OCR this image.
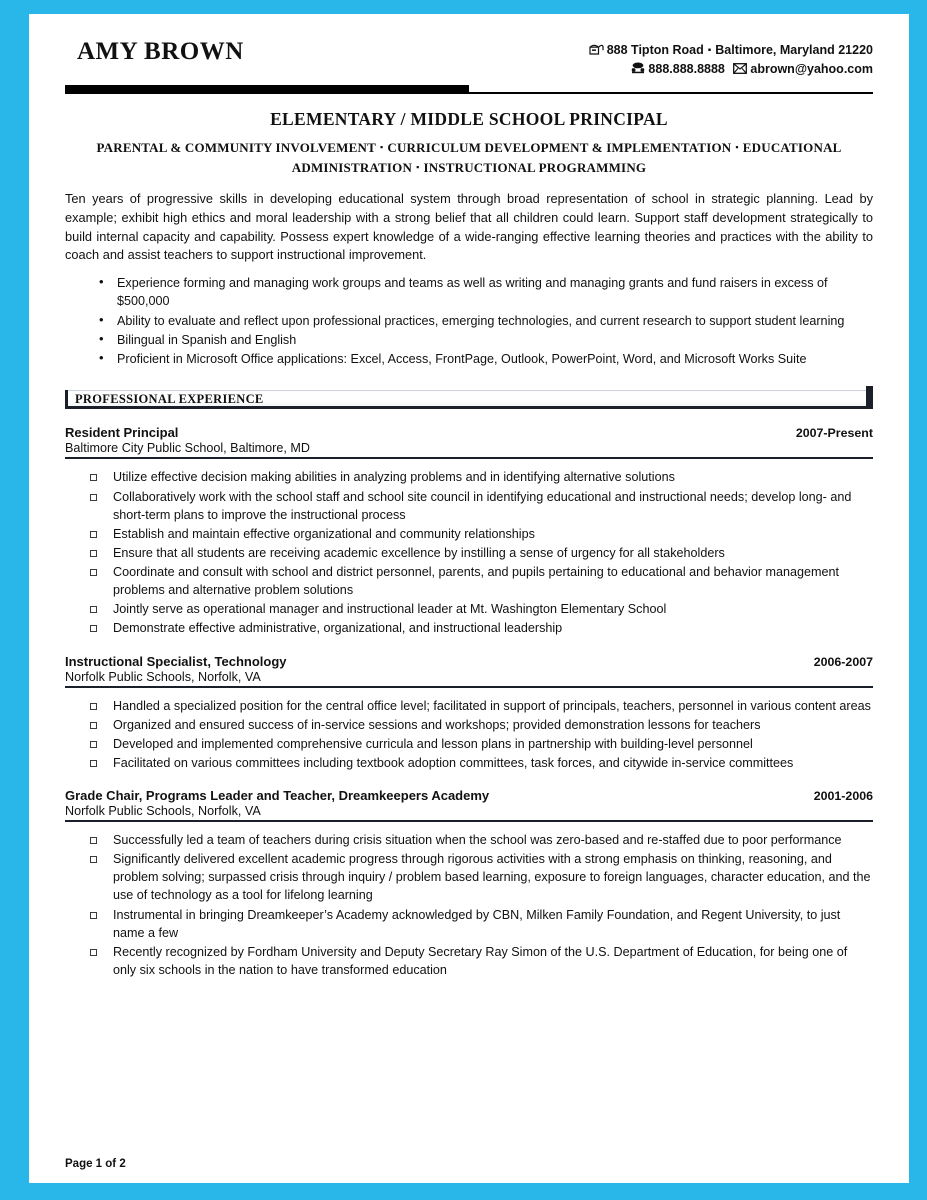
AMY BROWN	888 Tipton Road ▪ Baltimore, Maryland 21220
888.888.8888 abrown@yahoo.com
ELEMENTARY / MIDDLE SCHOOL PRINCIPAL
PARENTAL & COMMUNITY INVOLVEMENT ▪ CURRICULUM DEVELOPMENT & IMPLEMENTATION ▪ EDUCATIONAL ADMINISTRATION ▪ INSTRUCTIONAL PROGRAMMING
Ten years of progressive skills in developing educational system through broad representation of school in strategic planning. Lead by example; exhibit high ethics and moral leadership with a strong belief that all children could learn. Support staff development strategically to build internal capacity and capability. Possess expert knowledge of a wide-ranging effective learning theories and practices with the ability to coach and assist teachers to support instructional improvement.
• Experience forming and managing work groups and teams as well as writing and managing grants and fund raisers in excess of $500,000
• Ability to evaluate and reflect upon professional practices, emerging technologies, and current research to support student learning
• Bilingual in Spanish and English
• Proficient in Microsoft Office applications: Excel, Access, FrontPage, Outlook, PowerPoint, Word, and Microsoft Works Suite
PROFESSIONAL EXPERIENCE
Resident Principal	2007-Present
Baltimore City Public School, Baltimore, MD
Utilize effective decision making abilities in analyzing problems and in identifying alternative solutions
Collaboratively work with the school staff and school site council in identifying educational and instructional needs; develop long- and short-term plans to improve the instructional process
Establish and maintain effective organizational and community relationships
Ensure that all students are receiving academic excellence by instilling a sense of urgency for all stakeholders
Coordinate and consult with school and district personnel, parents, and pupils pertaining to educational and behavior management problems and alternative problem solutions
Jointly serve as operational manager and instructional leader at Mt. Washington Elementary School
Demonstrate effective administrative, organizational, and instructional leadership
Instructional Specialist, Technology	2006-2007
Norfolk Public Schools, Norfolk, VA
Handled a specialized position for the central office level; facilitated in support of principals, teachers, personnel in various content areas
Organized and ensured success of in-service sessions and workshops; provided demonstration lessons for teachers
Developed and implemented comprehensive curricula and lesson plans in partnership with building-level personnel
Facilitated on various committees including textbook adoption committees, task forces, and citywide in-service committees
Grade Chair, Programs Leader and Teacher, Dreamkeepers Academy	2001-2006
Norfolk Public Schools, Norfolk, VA
Successfully led a team of teachers during crisis situation when the school was zero-based and re-staffed due to poor performance
Significantly delivered excellent academic progress through rigorous activities with a strong emphasis on thinking, reasoning, and problem solving; surpassed crisis through inquiry / problem based learning, exposure to foreign languages, character education, and the use of technology as a tool for lifelong learning
Instrumental in bringing Dreamkeeper’s Academy acknowledged by CBN, Milken Family Foundation, and Regent University, to just name a few
Recently recognized by Fordham University and Deputy Secretary Ray Simon of the U.S. Department of Education, for being one of only six schools in the nation to have transformed education
Page 1 of 2
